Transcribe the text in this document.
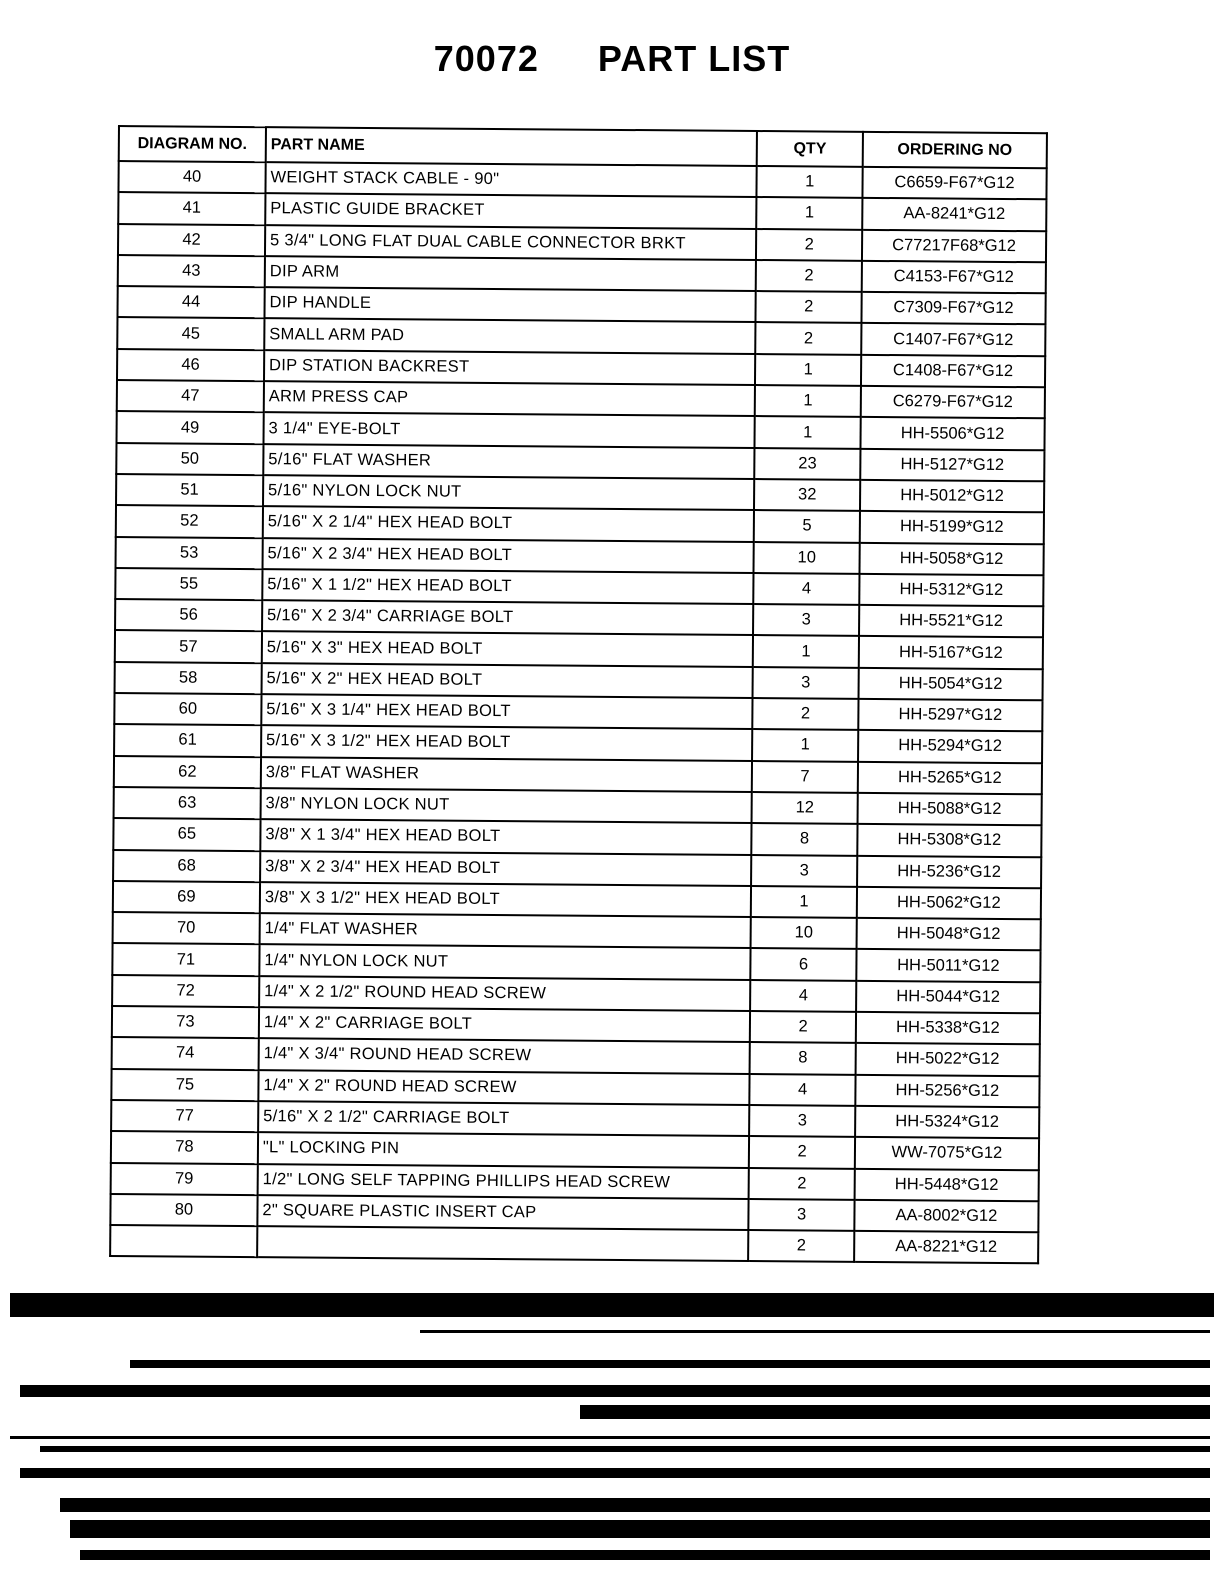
70072 PART LIST
DIAGRAM NO.	PART NAME	QTY	ORDERING NO
40	WEIGHT STACK CABLE - 90"	1	C6659-F67*G12
41	PLASTIC GUIDE BRACKET	1	AA-8241*G12
42	5 3/4" LONG FLAT DUAL CABLE CONNECTOR BRKT	2	C77217F68*G12
43	DIP ARM	2	C4153-F67*G12
44	DIP HANDLE	2	C7309-F67*G12
45	SMALL ARM PAD	2	C1407-F67*G12
46	DIP STATION BACKREST	1	C1408-F67*G12
47	ARM PRESS CAP	1	C6279-F67*G12
49	3 1/4" EYE-BOLT	1	HH-5506*G12
50	5/16" FLAT WASHER	23	HH-5127*G12
51	5/16" NYLON LOCK NUT	32	HH-5012*G12
52	5/16" X 2 1/4" HEX HEAD BOLT	5	HH-5199*G12
53	5/16" X 2 3/4" HEX HEAD BOLT	10	HH-5058*G12
55	5/16" X 1 1/2" HEX HEAD BOLT	4	HH-5312*G12
56	5/16" X 2 3/4" CARRIAGE BOLT	3	HH-5521*G12
57	5/16" X 3" HEX HEAD BOLT	1	HH-5167*G12
58	5/16" X 2" HEX HEAD BOLT	3	HH-5054*G12
60	5/16" X 3 1/4" HEX HEAD BOLT	2	HH-5297*G12
61	5/16" X 3 1/2" HEX HEAD BOLT	1	HH-5294*G12
62	3/8" FLAT WASHER	7	HH-5265*G12
63	3/8" NYLON LOCK NUT	12	HH-5088*G12
65	3/8" X 1 3/4" HEX HEAD BOLT	8	HH-5308*G12
68	3/8" X 2 3/4" HEX HEAD BOLT	3	HH-5236*G12
69	3/8" X 3 1/2" HEX HEAD BOLT	1	HH-5062*G12
70	1/4" FLAT WASHER	10	HH-5048*G12
71	1/4" NYLON LOCK NUT	6	HH-5011*G12
72	1/4" X 2 1/2" ROUND HEAD SCREW	4	HH-5044*G12
73	1/4" X 2" CARRIAGE BOLT	2	HH-5338*G12
74	1/4" X 3/4" ROUND HEAD SCREW	8	HH-5022*G12
75	1/4" X 2" ROUND HEAD SCREW	4	HH-5256*G12
77	5/16" X 2 1/2" CARRIAGE BOLT	3	HH-5324*G12
78	"L" LOCKING PIN	2	WW-7075*G12
79	1/2" LONG SELF TAPPING PHILLIPS HEAD SCREW	2	HH-5448*G12
80	2" SQUARE PLASTIC INSERT CAP	3	AA-8002*G12
		2	AA-8221*G12
